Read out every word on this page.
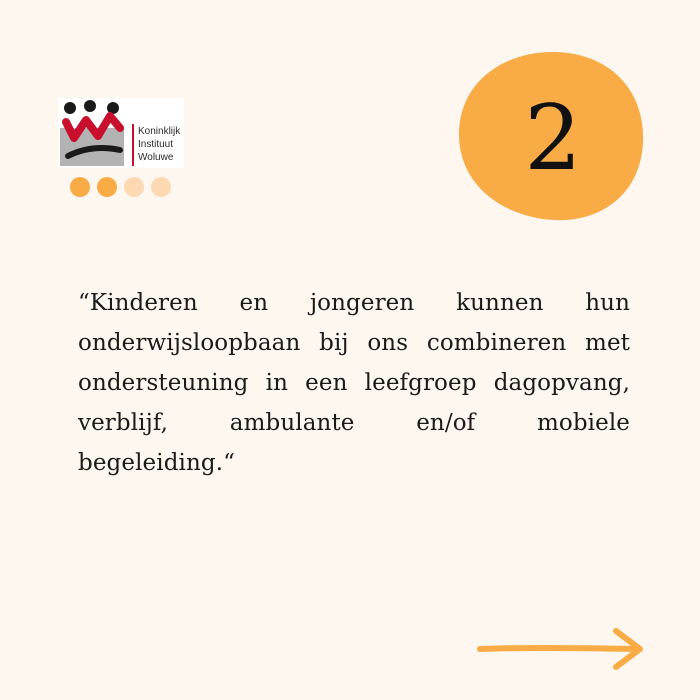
Koninklijk
Instituut
Woluwe	2

“Kinderen en jongeren kunnen hun onderwijsloopbaan bij ons combineren met ondersteuning in een leefgroep dagopvang, verblijf, ambulante en/of mobiele begeleiding.“
